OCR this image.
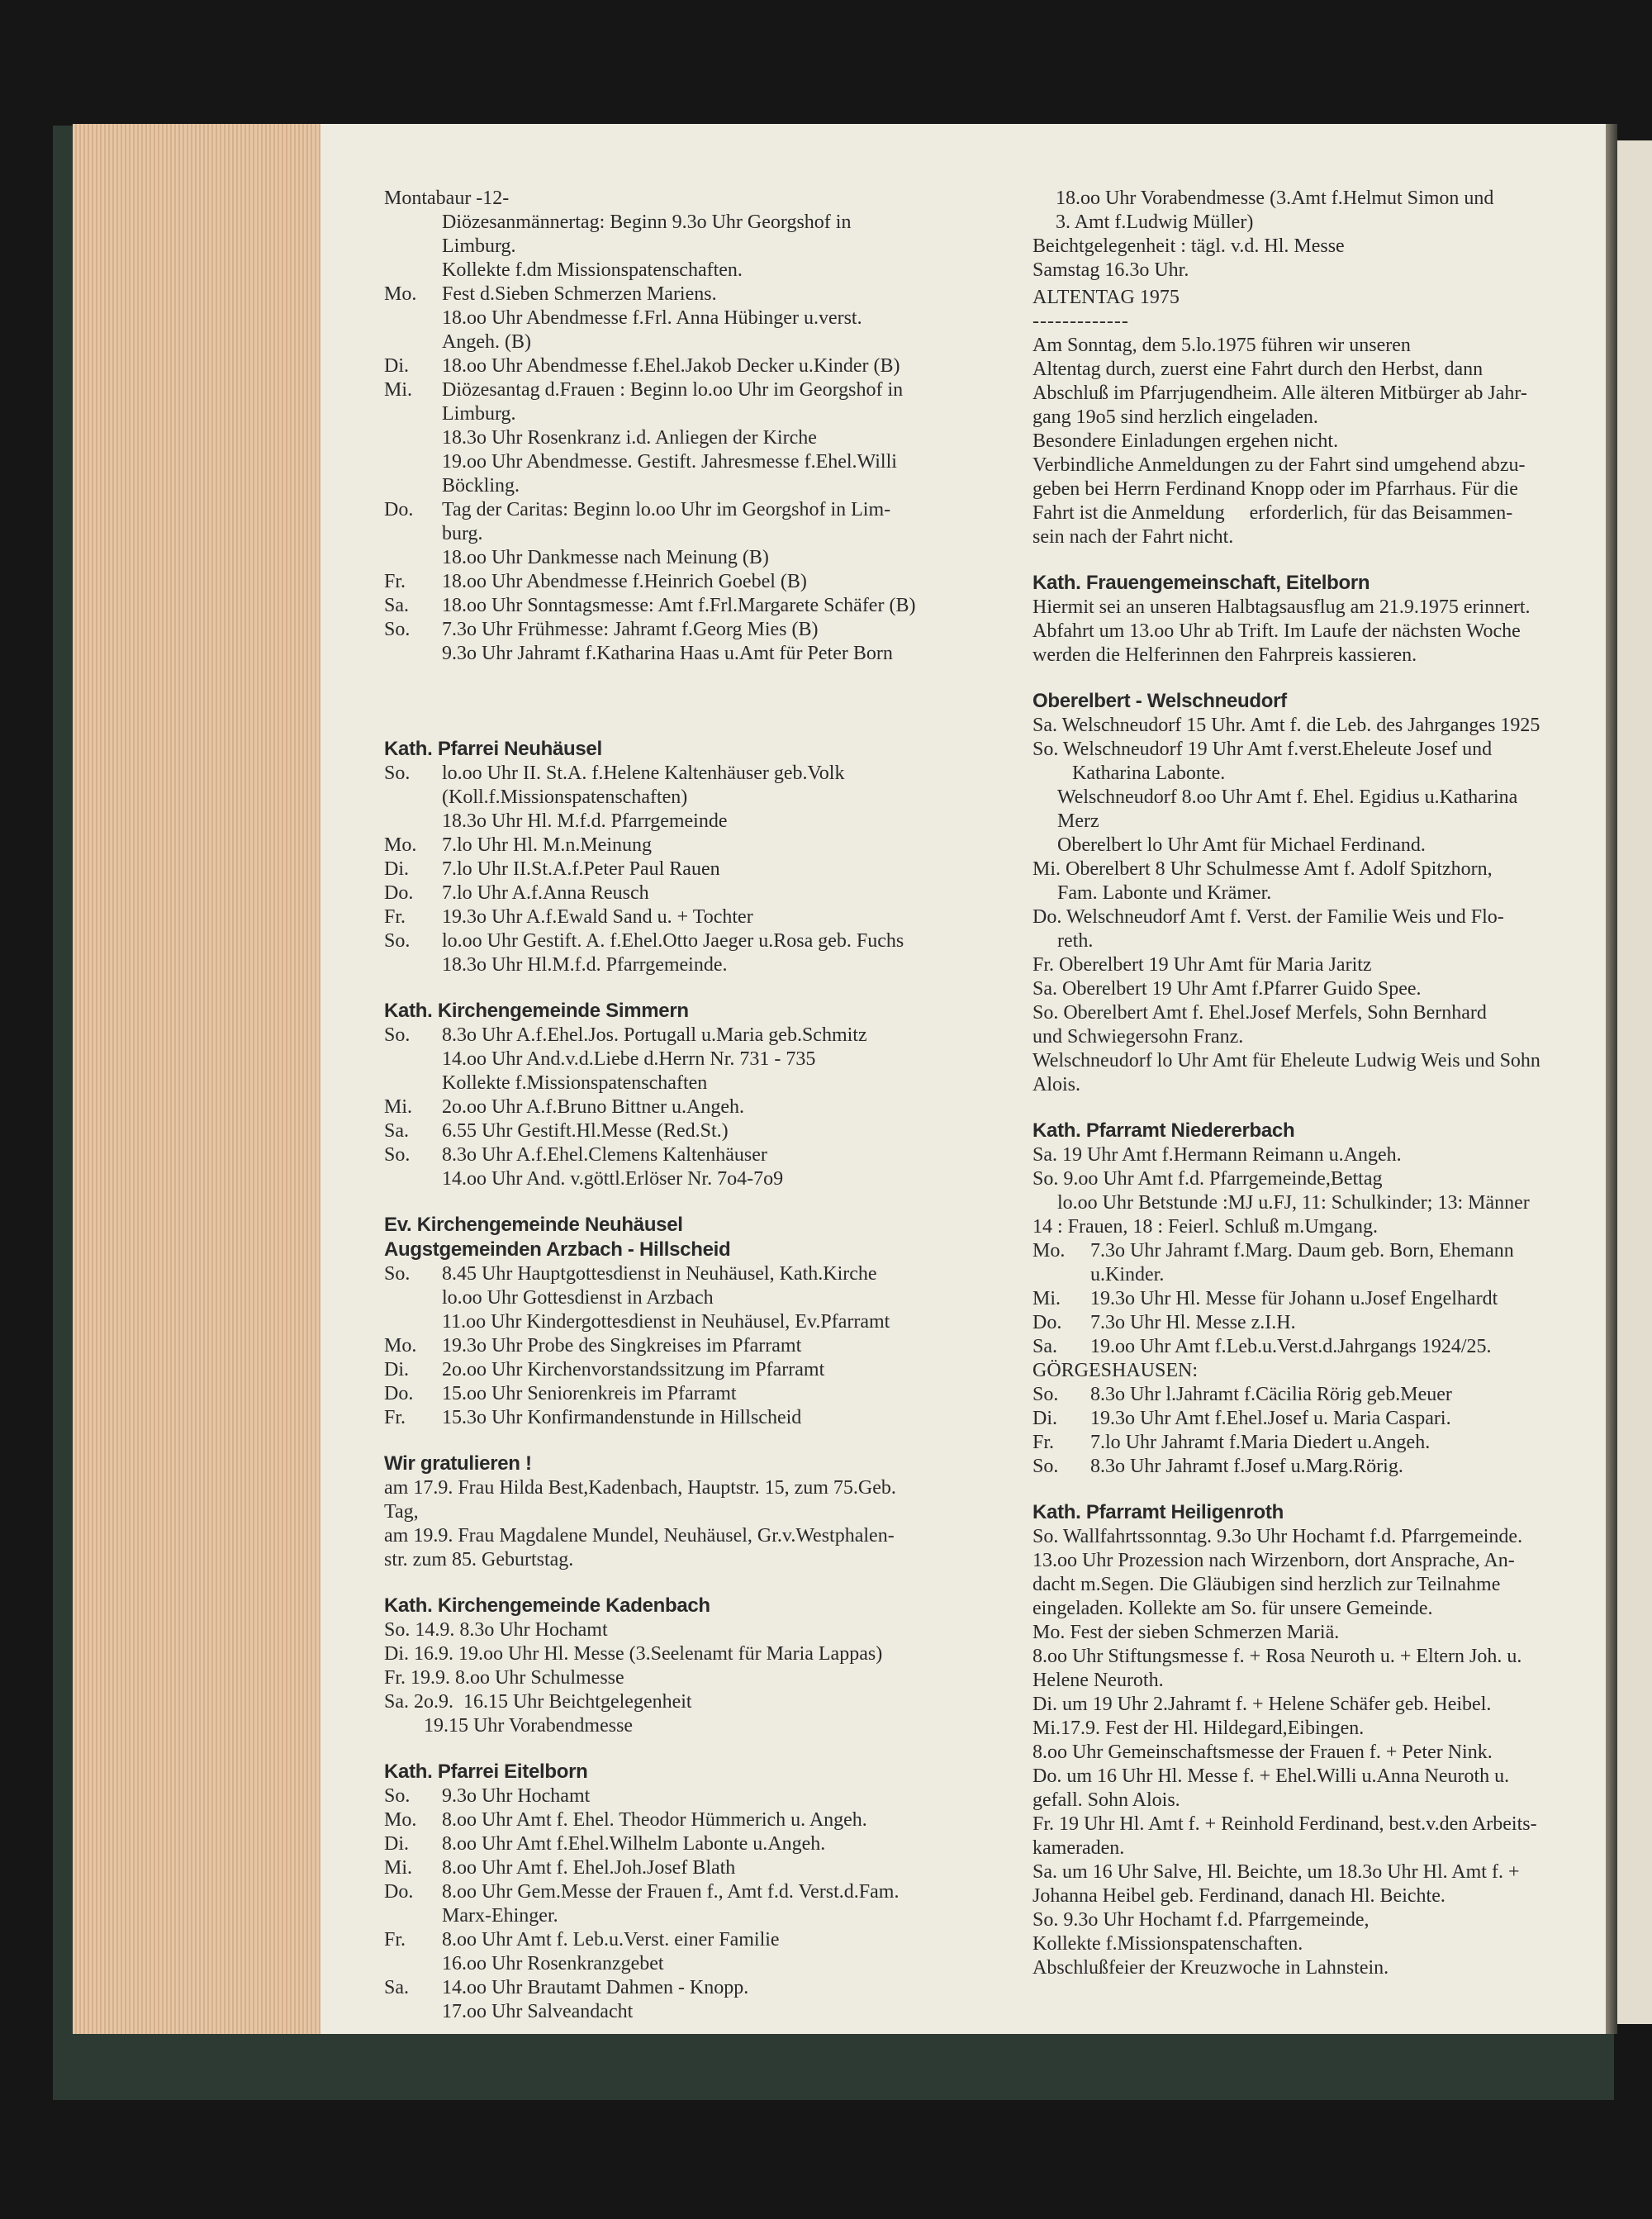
Montabaur -12-
Diözesanmännertag: Beginn 9.3o Uhr Georgshof in
Limburg.
Kollekte f.dm Missionspatenschaften.
Mo.	Fest d.Sieben Schmerzen Mariens.
18.oo Uhr Abendmesse f.Frl. Anna Hübinger u.verst.
Angeh. (B)
Di.	18.oo Uhr Abendmesse f.Ehel.Jakob Decker u.Kinder (B)
Mi.	Diözesantag d.Frauen : Beginn lo.oo Uhr im Georgshof in
Limburg.
18.3o Uhr Rosenkranz i.d. Anliegen der Kirche
19.oo Uhr Abendmesse. Gestift. Jahresmesse f.Ehel.Willi
Böckling.
Do.	Tag der Caritas: Beginn lo.oo Uhr im Georgshof in Lim-
burg.
18.oo Uhr Dankmesse nach Meinung (B)
Fr.	18.oo Uhr Abendmesse f.Heinrich Goebel (B)
Sa.	18.oo Uhr Sonntagsmesse: Amt f.Frl.Margarete Schäfer (B)
So.	7.3o Uhr Frühmesse: Jahramt f.Georg Mies (B)
9.3o Uhr Jahramt f.Katharina Haas u.Amt für Peter Born
Kath. Pfarrei Neuhäusel
So.	lo.oo Uhr II. St.A. f.Helene Kaltenhäuser geb.Volk
(Koll.f.Missionspatenschaften)
18.3o Uhr Hl. M.f.d. Pfarrgemeinde
Mo.	7.lo Uhr Hl. M.n.Meinung
Di.	7.lo Uhr II.St.A.f.Peter Paul Rauen
Do.	7.lo Uhr A.f.Anna Reusch
Fr.	19.3o Uhr A.f.Ewald Sand u. + Tochter
So.	lo.oo Uhr Gestift. A. f.Ehel.Otto Jaeger u.Rosa geb. Fuchs
18.3o Uhr Hl.M.f.d. Pfarrgemeinde.
Kath. Kirchengemeinde Simmern
So.	8.3o Uhr A.f.Ehel.Jos. Portugall u.Maria geb.Schmitz
14.oo Uhr And.v.d.Liebe d.Herrn Nr. 731 - 735
Kollekte f.Missionspatenschaften
Mi.	2o.oo Uhr A.f.Bruno Bittner u.Angeh.
Sa.	6.55 Uhr Gestift.Hl.Messe (Red.St.)
So.	8.3o Uhr A.f.Ehel.Clemens Kaltenhäuser
14.oo Uhr And. v.göttl.Erlöser Nr. 7o4-7o9
Ev. Kirchengemeinde Neuhäusel
Augstgemeinden Arzbach - Hillscheid
So.	8.45 Uhr Hauptgottesdienst in Neuhäusel, Kath.Kirche
lo.oo Uhr Gottesdienst in Arzbach
11.oo Uhr Kindergottesdienst in Neuhäusel, Ev.Pfarramt
Mo.	19.3o Uhr Probe des Singkreises im Pfarramt
Di.	2o.oo Uhr Kirchenvorstandssitzung im Pfarramt
Do.	15.oo Uhr Seniorenkreis im Pfarramt
Fr.	15.3o Uhr Konfirmandenstunde in Hillscheid
Wir gratulieren !
am 17.9. Frau Hilda Best,Kadenbach, Hauptstr. 15, zum 75.Geb.
Tag,
am 19.9. Frau Magdalene Mundel, Neuhäusel, Gr.v.Westphalen-
str. zum 85. Geburtstag.
Kath. Kirchengemeinde Kadenbach
So. 14.9. 8.3o Uhr Hochamt
Di. 16.9. 19.oo Uhr Hl. Messe (3.Seelenamt für Maria Lappas)
Fr. 19.9. 8.oo Uhr Schulmesse
Sa. 2o.9.  16.15 Uhr Beichtgelegenheit
19.15 Uhr Vorabendmesse
Kath. Pfarrei Eitelborn
So.	9.3o Uhr Hochamt
Mo.	8.oo Uhr Amt f. Ehel. Theodor Hümmerich u. Angeh.
Di.	8.oo Uhr Amt f.Ehel.Wilhelm Labonte u.Angeh.
Mi.	8.oo Uhr Amt f. Ehel.Joh.Josef Blath
Do.	8.oo Uhr Gem.Messe der Frauen f., Amt f.d. Verst.d.Fam.
Marx-Ehinger.
Fr.	8.oo Uhr Amt f. Leb.u.Verst. einer Familie
16.oo Uhr Rosenkranzgebet
Sa.	14.oo Uhr Brautamt Dahmen - Knopp.
17.oo Uhr Salveandacht
18.oo Uhr Vorabendmesse (3.Amt f.Helmut Simon und
3. Amt f.Ludwig Müller)
Beichtgelegenheit : tägl. v.d. Hl. Messe
Samstag 16.3o Uhr.
ALTENTAG 1975
-------------
Am Sonntag, dem 5.lo.1975 führen wir unseren
Altentag durch, zuerst eine Fahrt durch den Herbst, dann
Abschluß im Pfarrjugendheim. Alle älteren Mitbürger ab Jahr-
gang 19o5 sind herzlich eingeladen.
Besondere Einladungen ergehen nicht.
Verbindliche Anmeldungen zu der Fahrt sind umgehend abzu-
geben bei Herrn Ferdinand Knopp oder im Pfarrhaus. Für die
Fahrt ist die Anmeldung     erforderlich, für das Beisammen-
sein nach der Fahrt nicht.
Kath. Frauengemeinschaft, Eitelborn
Hiermit sei an unseren Halbtagsausflug am 21.9.1975 erinnert.
Abfahrt um 13.oo Uhr ab Trift. Im Laufe der nächsten Woche
werden die Helferinnen den Fahrpreis kassieren.
Oberelbert - Welschneudorf
Sa. Welschneudorf 15 Uhr. Amt f. die Leb. des Jahrganges 1925
So. Welschneudorf 19 Uhr Amt f.verst.Eheleute Josef und
Katharina Labonte.
Welschneudorf 8.oo Uhr Amt f. Ehel. Egidius u.Katharina
Merz
Oberelbert lo Uhr Amt für Michael Ferdinand.
Mi. Oberelbert 8 Uhr Schulmesse Amt f. Adolf Spitzhorn,
Fam. Labonte und Krämer.
Do. Welschneudorf Amt f. Verst. der Familie Weis und Flo-
reth.
Fr. Oberelbert 19 Uhr Amt für Maria Jaritz
Sa. Oberelbert 19 Uhr Amt f.Pfarrer Guido Spee.
So. Oberelbert Amt f. Ehel.Josef Merfels, Sohn Bernhard
und Schwiegersohn Franz.
Welschneudorf lo Uhr Amt für Eheleute Ludwig Weis und Sohn
Alois.
Kath. Pfarramt Niedererbach
Sa. 19 Uhr Amt f.Hermann Reimann u.Angeh.
So. 9.oo Uhr Amt f.d. Pfarrgemeinde,Bettag
lo.oo Uhr Betstunde :MJ u.FJ, 11: Schulkinder; 13: Männer
14 : Frauen, 18 : Feierl. Schluß m.Umgang.
Mo.	7.3o Uhr Jahramt f.Marg. Daum geb. Born, Ehemann
u.Kinder.
Mi.	19.3o Uhr Hl. Messe für Johann u.Josef Engelhardt
Do.	7.3o Uhr Hl. Messe z.I.H.
Sa.	19.oo Uhr Amt f.Leb.u.Verst.d.Jahrgangs 1924/25.
GÖRGESHAUSEN:
So.	8.3o Uhr l.Jahramt f.Cäcilia Rörig geb.Meuer
Di.	19.3o Uhr Amt f.Ehel.Josef u. Maria Caspari.
Fr.	7.lo Uhr Jahramt f.Maria Diedert u.Angeh.
So.	8.3o Uhr Jahramt f.Josef u.Marg.Rörig.
Kath. Pfarramt Heiligenroth
So. Wallfahrtssonntag. 9.3o Uhr Hochamt f.d. Pfarrgemeinde.
13.oo Uhr Prozession nach Wirzenborn, dort Ansprache, An-
dacht m.Segen. Die Gläubigen sind herzlich zur Teilnahme
eingeladen. Kollekte am So. für unsere Gemeinde.
Mo. Fest der sieben Schmerzen Mariä.
8.oo Uhr Stiftungsmesse f. + Rosa Neuroth u. + Eltern Joh. u.
Helene Neuroth.
Di. um 19 Uhr 2.Jahramt f. + Helene Schäfer geb. Heibel.
Mi.17.9. Fest der Hl. Hildegard,Eibingen.
8.oo Uhr Gemeinschaftsmesse der Frauen f. + Peter Nink.
Do. um 16 Uhr Hl. Messe f. + Ehel.Willi u.Anna Neuroth u.
gefall. Sohn Alois.
Fr. 19 Uhr Hl. Amt f. + Reinhold Ferdinand, best.v.den Arbeits-
kameraden.
Sa. um 16 Uhr Salve, Hl. Beichte, um 18.3o Uhr Hl. Amt f. +
Johanna Heibel geb. Ferdinand, danach Hl. Beichte.
So. 9.3o Uhr Hochamt f.d. Pfarrgemeinde,
Kollekte f.Missionspatenschaften.
Abschlußfeier der Kreuzwoche in Lahnstein.
